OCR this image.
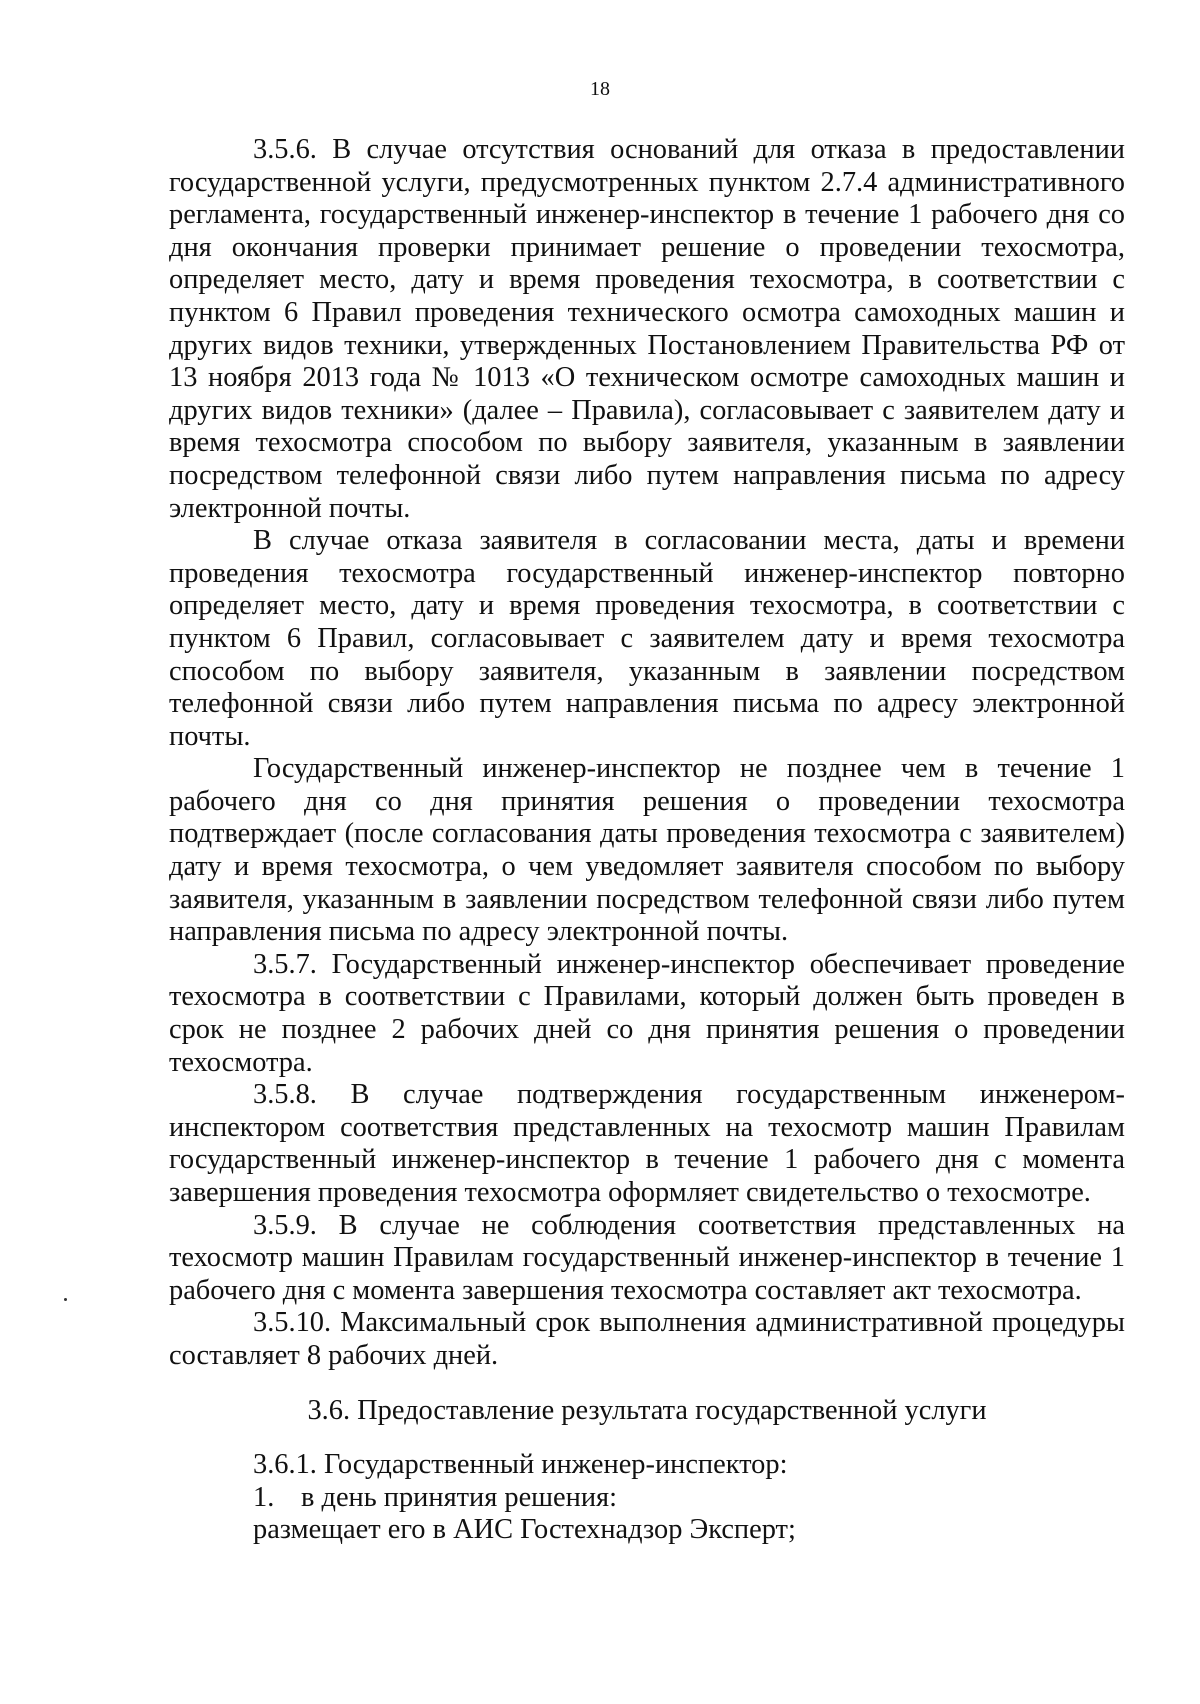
18

3.5.6. В случае отсутствия оснований для отказа в предоставлении государственной услуги, предусмотренных пунктом 2.7.4 административного регламента, государственный инженер-инспектор в течение 1 рабочего дня со дня окончания проверки принимает решение о проведении техосмотра, определяет место, дату и время проведения техосмотра, в соответствии с пунктом 6 Правил проведения технического осмотра самоходных машин и других видов техники, утвержденных Постановлением Правительства РФ от 13 ноября 2013 года № 1013 «О техническом осмотре самоходных машин и других видов техники» (далее – Правила), согласовывает с заявителем дату и время техосмотра способом по выбору заявителя, указанным в заявлении посредством телефонной связи либо путем направления письма по адресу электронной почты.

В случае отказа заявителя в согласовании места, даты и времени проведения техосмотра государственный инженер-инспектор повторно определяет место, дату и время проведения техосмотра, в соответствии с пунктом 6 Правил, согласовывает с заявителем дату и время техосмотра способом по выбору заявителя, указанным в заявлении посредством телефонной связи либо путем направления письма по адресу электронной почты.

Государственный инженер-инспектор не позднее чем в течение 1 рабочего дня со дня принятия решения о проведении техосмотра подтверждает (после согласования даты проведения техосмотра с заявителем) дату и время техосмотра, о чем уведомляет заявителя способом по выбору заявителя, указанным в заявлении посредством телефонной связи либо путем направления письма по адресу электронной почты.

3.5.7. Государственный инженер-инспектор обеспечивает проведение техосмотра в соответствии с Правилами, который должен быть проведен в срок не позднее 2 рабочих дней со дня принятия решения о проведении техосмотра.

3.5.8. В случае подтверждения государственным инженером-инспектором соответствия представленных на техосмотр машин Правилам государственный инженер-инспектор в течение 1 рабочего дня с момента завершения проведения техосмотра оформляет свидетельство о техосмотре.

3.5.9. В случае не соблюдения соответствия представленных на техосмотр машин Правилам государственный инженер-инспектор в течение 1 рабочего дня с момента завершения техосмотра составляет акт техосмотра.

3.5.10. Максимальный срок выполнения административной процедуры составляет 8 рабочих дней.

3.6. Предоставление результата государственной услуги

3.6.1. Государственный инженер-инспектор:

1. в день принятия решения:

размещает его в АИС Гостехнадзор Эксперт;
